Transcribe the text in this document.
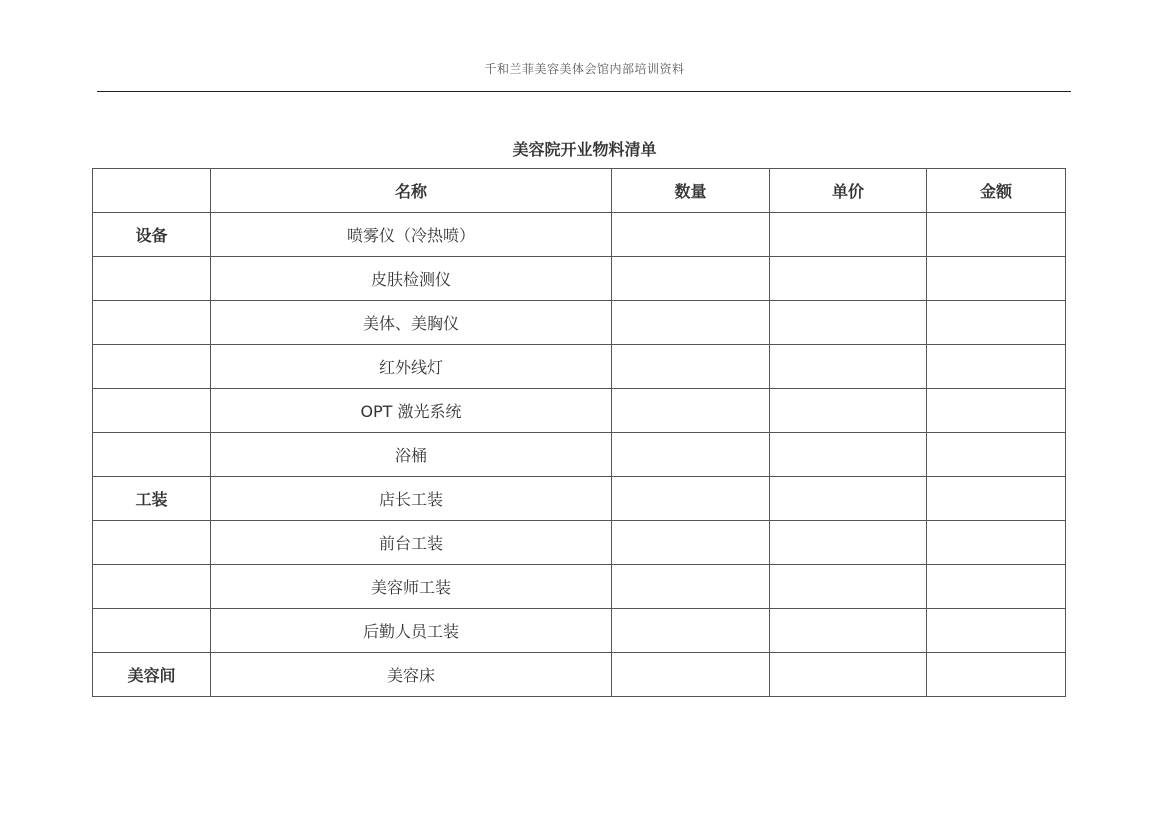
千和兰菲美容美体会馆内部培训资料
美容院开业物料清单
	名称	数量	单价	金额
设备	喷雾仪（冷热喷）			
	皮肤检测仪			
	美体、美胸仪			
	红外线灯			
	OPT 激光系统			
	浴桶			
工装	店长工装			
	前台工装			
	美容师工装			
	后勤人员工装			
美容间	美容床			
